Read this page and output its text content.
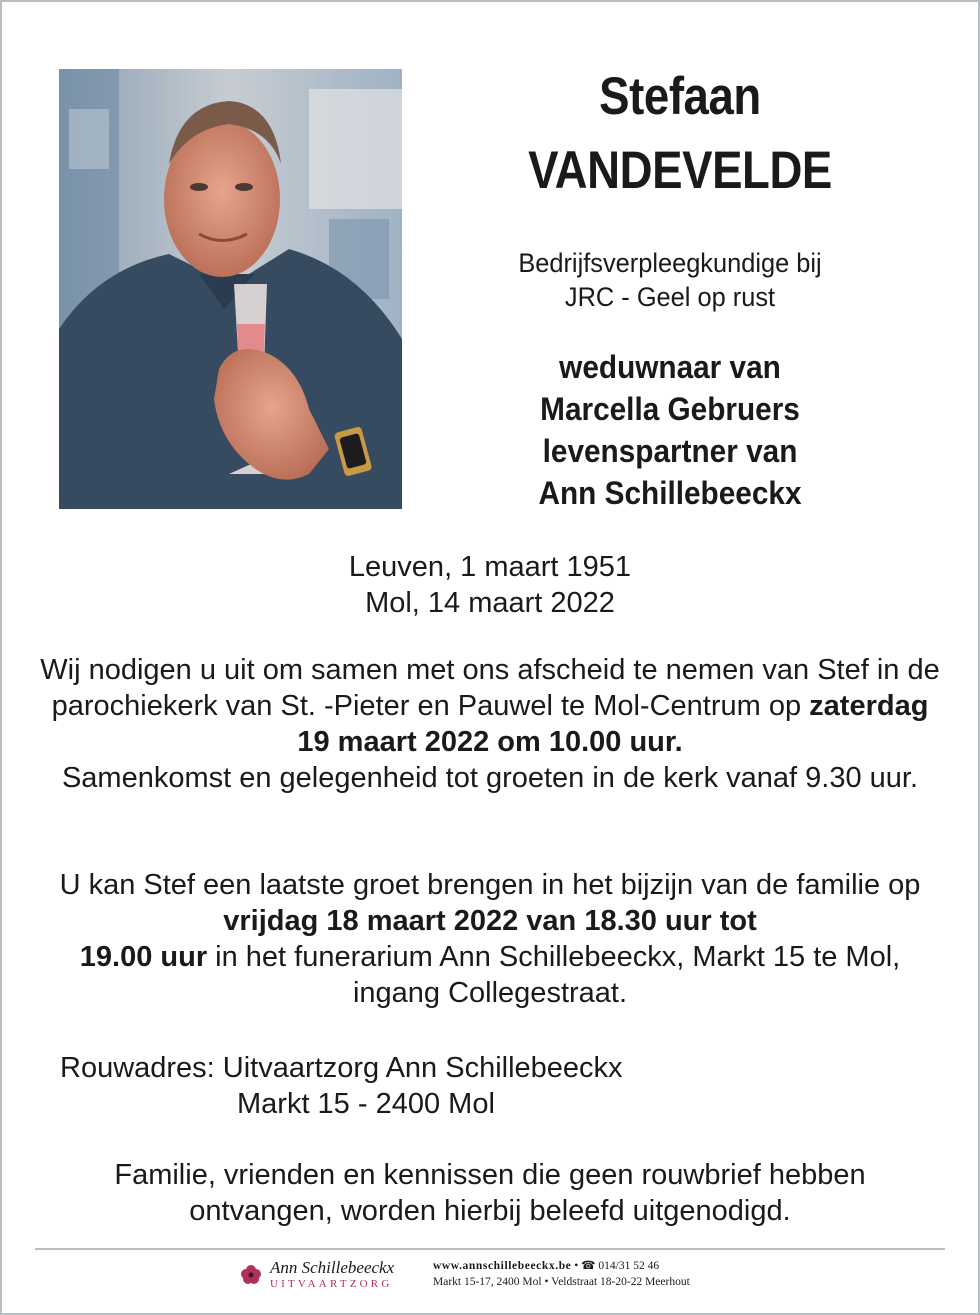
Stefaan
VANDEVELDE
Bedrijfsverpleegkundige bij
JRC - Geel op rust
weduwnaar van
Marcella Gebruers
levenspartner van
Ann Schillebeeckx
Leuven, 1 maart 1951
Mol, 14 maart 2022
Wij nodigen u uit om samen met ons afscheid te nemen van Stef in de parochiekerk van St. -Pieter en Pauwel te Mol-Centrum op zaterdag 19 maart 2022 om 10.00 uur.
Samenkomst en gelegenheid tot groeten in de kerk vanaf 9.30 uur.
U kan Stef een laatste groet brengen in het bijzijn van de familie op vrijdag 18 maart 2022 van 18.30 uur tot
19.00 uur in het funerarium Ann Schillebeeckx, Markt 15 te Mol, ingang Collegestraat.
Rouwadres: Uitvaartzorg Ann Schillebeeckx
Markt 15 - 2400 Mol
Familie, vrienden en kennissen die geen rouwbrief hebben
ontvangen, worden hierbij beleefd uitgenodigd.
Ann Schillebeeckx
UITVAARTZORG
www.annschillebeeckx.be • ☎ 014/31 52 46
Markt 15-17, 2400 Mol • Veldstraat 18-20-22 Meerhout
